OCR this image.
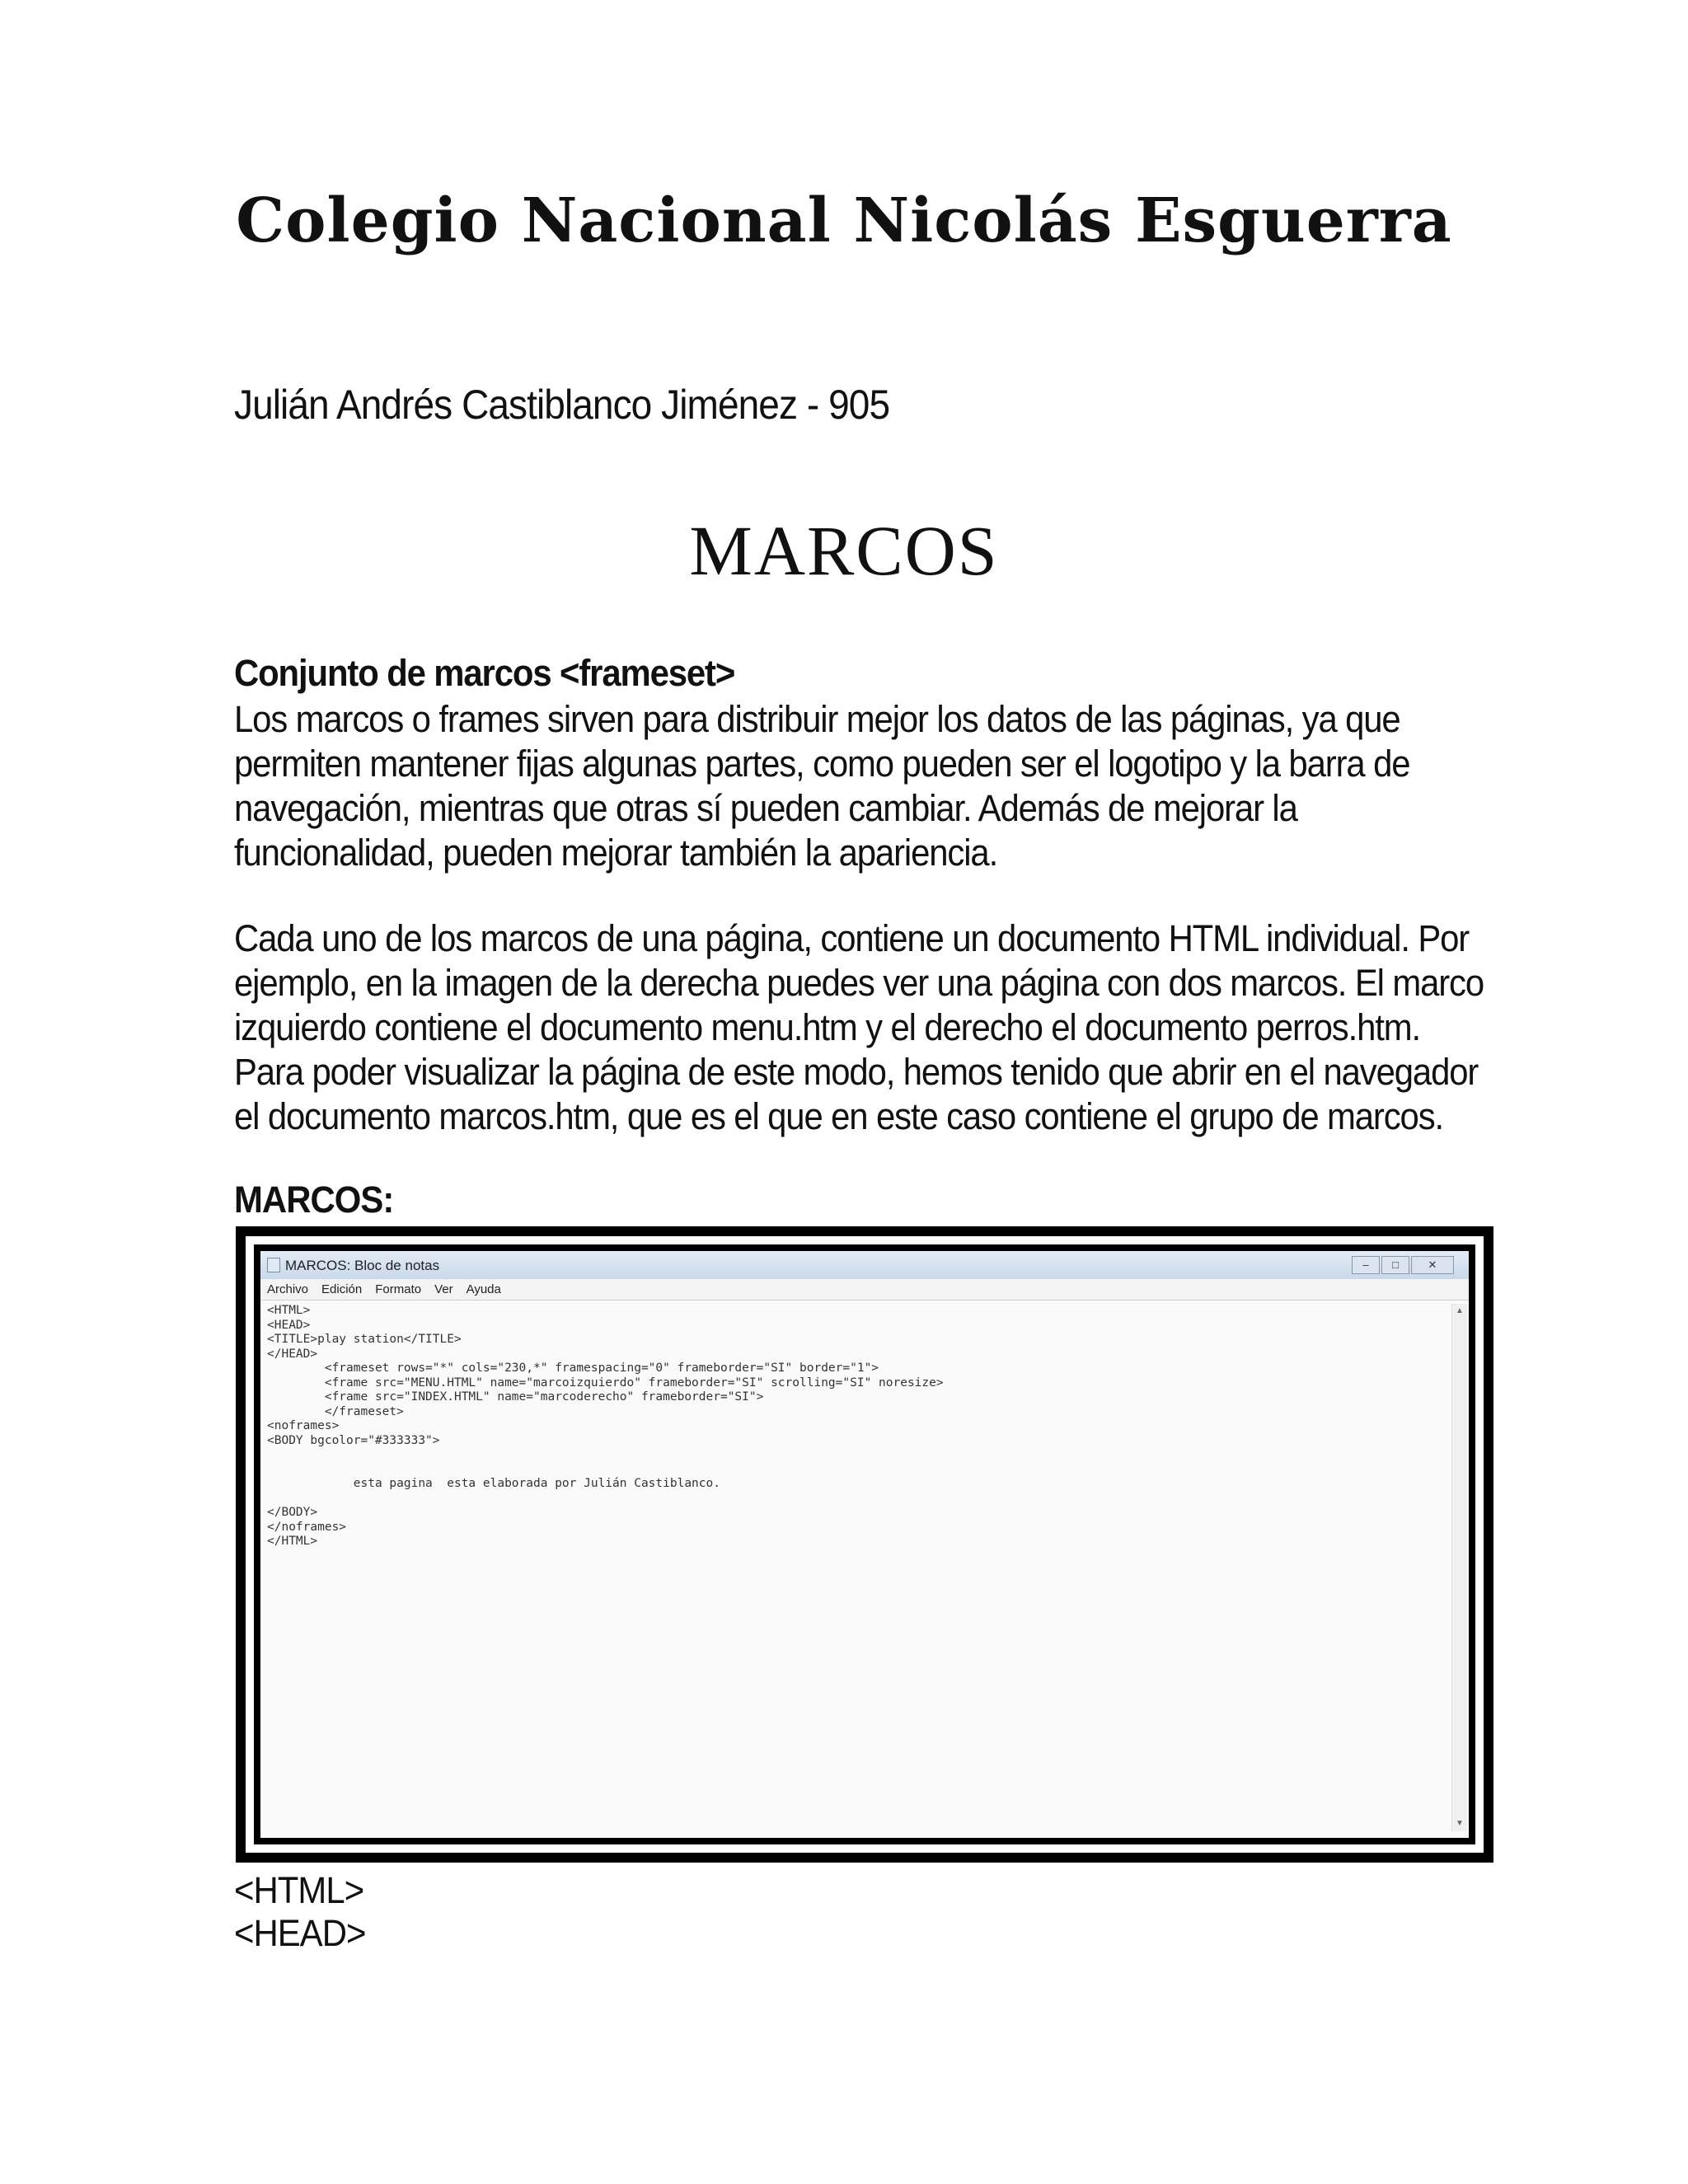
Colegio Nacional Nicolás Esguerra
Julián Andrés Castiblanco Jiménez - 905
MARCOS
Conjunto de marcos <frameset>
Los marcos o frames sirven para distribuir mejor los datos de las páginas, ya que
permiten mantener fijas algunas partes, como pueden ser el logotipo y la barra de
navegación, mientras que otras sí pueden cambiar. Además de mejorar la
funcionalidad, pueden mejorar también la apariencia.
Cada uno de los marcos de una página, contiene un documento HTML individual. Por
ejemplo, en la imagen de la derecha puedes ver una página con dos marcos. El marco
izquierdo contiene el documento menu.htm y el derecho el documento perros.htm.
Para poder visualizar la página de este modo, hemos tenido que abrir en el navegador
el documento marcos.htm, que es el que en este caso contiene el grupo de marcos.
MARCOS:
MARCOS: Bloc de notas	–	□	✕
Archivo Edición Formato Ver Ayuda
<HTML>
<HEAD>
<TITLE>play station</TITLE>
</HEAD>
<frameset rows="*" cols="230,*" framespacing="0" frameborder="SI" border="1">
<frame src="MENU.HTML" name="marcoizquierdo" frameborder="SI" scrolling="SI" noresize>
<frame src="INDEX.HTML" name="marcoderecho" frameborder="SI">
</frameset>
<noframes>
<BODY bgcolor="#333333">
esta pagina  esta elaborada por Julián Castiblanco.
</BODY>
</noframes>
</HTML>
▲
▼
<HTML>
<HEAD>
